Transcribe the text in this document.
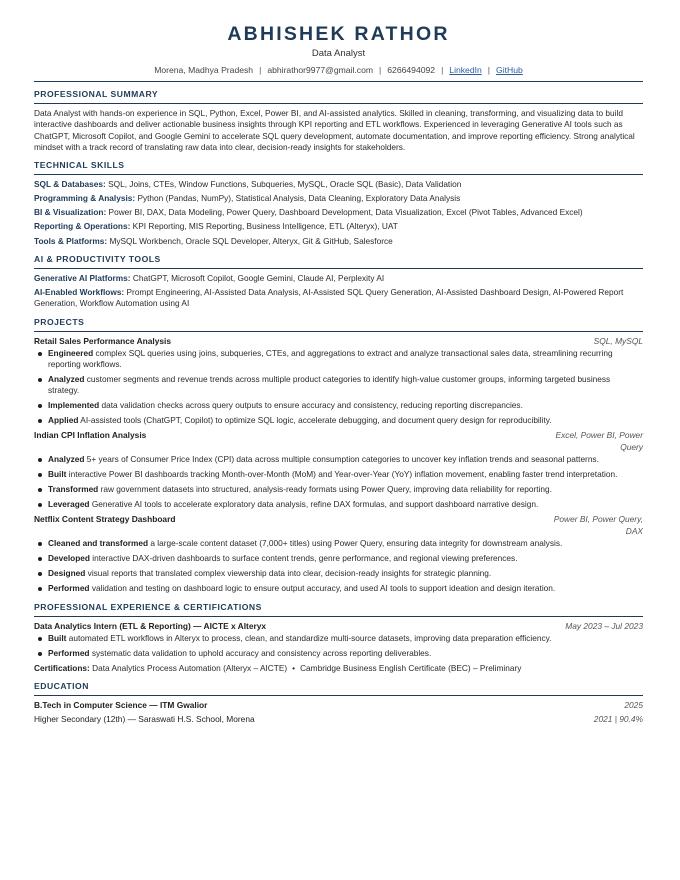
ABHISHEK RATHOR
Data Analyst
Morena, Madhya Pradesh | abhirathor9977@gmail.com | 6266494092 | LinkedIn | GitHub
PROFESSIONAL SUMMARY
Data Analyst with hands-on experience in SQL, Python, Excel, Power BI, and AI-assisted analytics. Skilled in cleaning, transforming, and visualizing data to build interactive dashboards and deliver actionable business insights through KPI reporting and ETL workflows. Experienced in leveraging Generative AI tools such as ChatGPT, Microsoft Copilot, and Google Gemini to accelerate SQL query development, automate documentation, and improve reporting efficiency. Strong analytical mindset with a track record of translating raw data into clear, decision-ready insights for stakeholders.
TECHNICAL SKILLS
SQL & Databases: SQL, Joins, CTEs, Window Functions, Subqueries, MySQL, Oracle SQL (Basic), Data Validation
Programming & Analysis: Python (Pandas, NumPy), Statistical Analysis, Data Cleaning, Exploratory Data Analysis
BI & Visualization: Power BI, DAX, Data Modeling, Power Query, Dashboard Development, Data Visualization, Excel (Pivot Tables, Advanced Excel)
Reporting & Operations: KPI Reporting, MIS Reporting, Business Intelligence, ETL (Alteryx), UAT
Tools & Platforms: MySQL Workbench, Oracle SQL Developer, Alteryx, Git & GitHub, Salesforce
AI & PRODUCTIVITY TOOLS
Generative AI Platforms: ChatGPT, Microsoft Copilot, Google Gemini, Claude AI, Perplexity AI
AI-Enabled Workflows: Prompt Engineering, AI-Assisted Data Analysis, AI-Assisted SQL Query Generation, AI-Assisted Dashboard Design, AI-Powered Report Generation, Workflow Automation using AI
PROJECTS
Retail Sales Performance Analysis	SQL, MySQL
Engineered complex SQL queries using joins, subqueries, CTEs, and aggregations to extract and analyze transactional sales data, streamlining recurring reporting workflows.
Analyzed customer segments and revenue trends across multiple product categories to identify high-value customer groups, informing targeted business strategy.
Implemented data validation checks across query outputs to ensure accuracy and consistency, reducing reporting discrepancies.
Applied AI-assisted tools (ChatGPT, Copilot) to optimize SQL logic, accelerate debugging, and document query design for reproducibility.
Indian CPI Inflation Analysis	Excel, Power BI, Power Query
Analyzed 5+ years of Consumer Price Index (CPI) data across multiple consumption categories to uncover key inflation trends and seasonal patterns.
Built interactive Power BI dashboards tracking Month-over-Month (MoM) and Year-over-Year (YoY) inflation movement, enabling faster trend interpretation.
Transformed raw government datasets into structured, analysis-ready formats using Power Query, improving data reliability for reporting.
Leveraged Generative AI tools to accelerate exploratory data analysis, refine DAX formulas, and support dashboard narrative design.
Netflix Content Strategy Dashboard	Power BI, Power Query, DAX
Cleaned and transformed a large-scale content dataset (7,000+ titles) using Power Query, ensuring data integrity for downstream analysis.
Developed interactive DAX-driven dashboards to surface content trends, genre performance, and regional viewing preferences.
Designed visual reports that translated complex viewership data into clear, decision-ready insights for strategic planning.
Performed validation and testing on dashboard logic to ensure output accuracy, and used AI tools to support ideation and design iteration.
PROFESSIONAL EXPERIENCE & CERTIFICATIONS
Data Analytics Intern (ETL & Reporting) — AICTE x Alteryx	May 2023 – Jul 2023
Built automated ETL workflows in Alteryx to process, clean, and standardize multi-source datasets, improving data preparation efficiency.
Performed systematic data validation to uphold accuracy and consistency across reporting deliverables.
Certifications: Data Analytics Process Automation (Alteryx – AICTE) • Cambridge Business English Certificate (BEC) – Preliminary
EDUCATION
B.Tech in Computer Science — ITM Gwalior	2025
Higher Secondary (12th) — Saraswati H.S. School, Morena	2021 | 90.4%
